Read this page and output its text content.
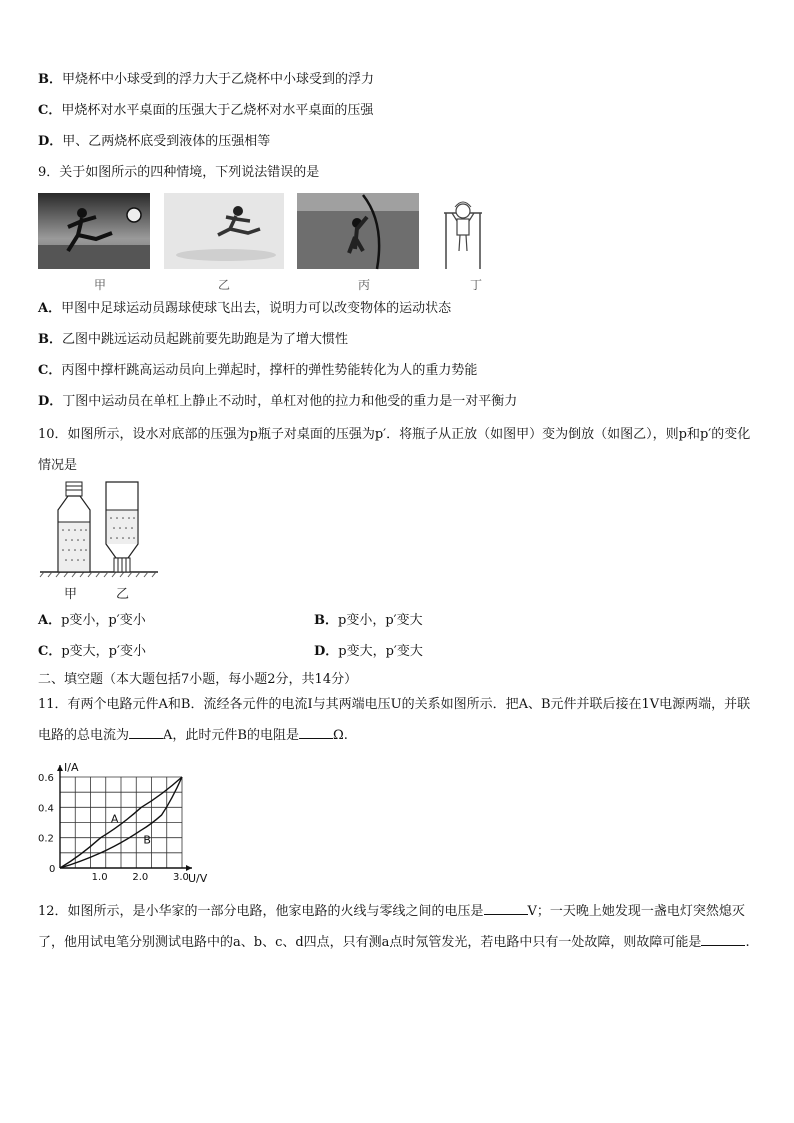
B．甲烧杯中小球受到的浮力大于乙烧杯中小球受到的浮力
C．甲烧杯对水平桌面的压强大于乙烧杯对水平桌面的压强
D．甲、乙两烧杯底受到液体的压强相等
9．关于如图所示的四种情境，下列说法错误的是
甲	乙	丙	丁
A．甲图中足球运动员踢球使球飞出去，说明力可以改变物体的运动状态
B．乙图中跳远运动员起跳前要先助跑是为了增大惯性
C．丙图中撑杆跳高运动员向上弹起时，撑杆的弹性势能转化为人的重力势能
D．丁图中运动员在单杠上静止不动时，单杠对他的拉力和他受的重力是一对平衡力
10．如图所示，设水对底部的压强为p瓶子对桌面的压强为p′．将瓶子从正放（如图甲）变为倒放（如图乙），则p和p′的变化情况是
甲	乙
A．p变小，p′变小	B．p变小，p′变大
C．p变大，p′变小	D．p变大，p′变大
二、填空题（本大题包括7小题，每小题2分，共14分）
11．有两个电路元件A和B．流经各元件的电流I与其两端电压U的关系如图所示．把A、B元件并联后接在1V电源两端，并联电路的总电流为	A，此时元件B的电阻是	Ω.
A
B
1.0 2.0 3.0
0.2
0.4
0.6
0
U/V
I/A
12．如图所示，是小华家的一部分电路，他家电路的火线与零线之间的电压是	V；一天晚上她发现一盏电灯突然熄灭了，他用试电笔分别测试电路中的a、b、c、d四点，只有测a点时氖管发光，若电路中只有一处故障，则故障可能是	.
